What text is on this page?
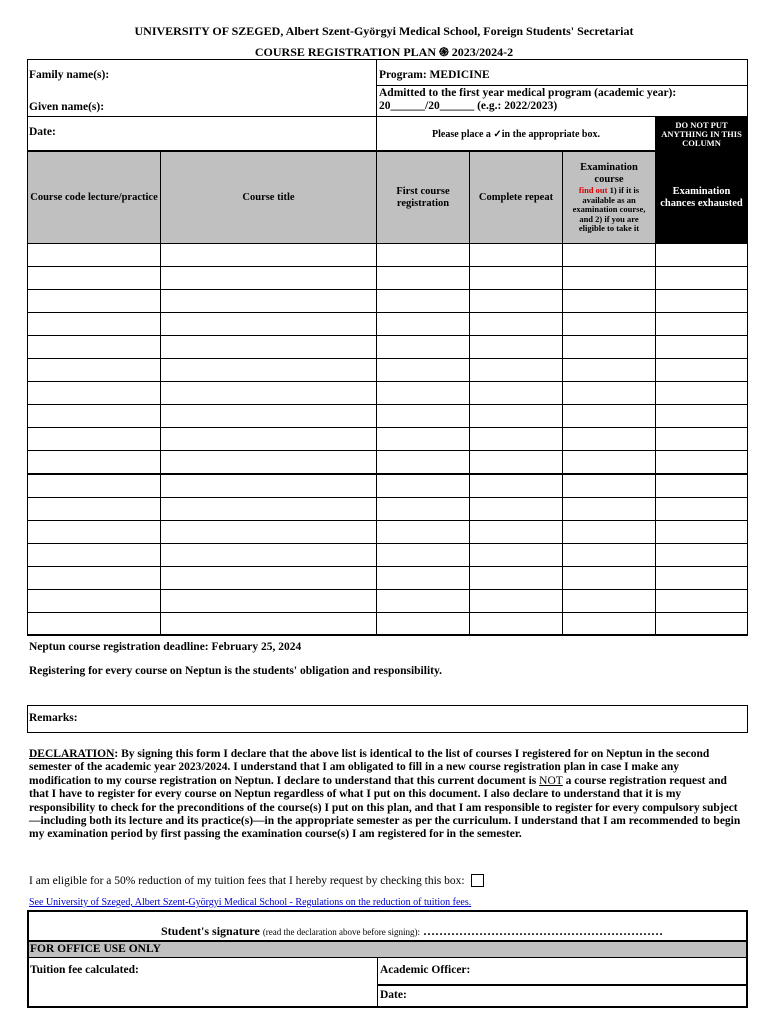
UNIVERSITY OF SZEGED, Albert Szent-Györgyi Medical School, Foreign Students' Secretariat
COURSE REGISTRATION PLAN ֍ 2023/2024-2
Family name(s):
Given name(s):
Date:
Program: MEDICINE
Admitted to the first year medical program (academic year):
20______/20______ (e.g.: 2022/2023)
Please place a ✓in the appropriate box.
DO NOT PUT ANYTHING IN THIS COLUMN
Course code lecture/practice	Course title
First course registration
Complete repeat
Examination course
find out 1) if it is available as an examination course, and 2) if you are eligible to take it
Examination chances exhausted
Neptun course registration deadline: February 25, 2024
Registering for every course on Neptun is the students' obligation and responsibility.
Remarks:
DECLARATION: By signing this form I declare that the above list is identical to the list of courses I registered for on Neptun in the second semester of the academic year 2023/2024. I understand that I am obligated to fill in a new course registration plan in case I make any modification to my course registration on Neptun. I declare to understand that this current document is NOT a course registration request and that I have to register for every course on Neptun regardless of what I put on this document. I also declare to understand that it is my responsibility to check for the preconditions of the course(s) I put on this plan, and that I am responsible to register for every compulsory subject—including both its lecture and its practice(s)—in the appropriate semester as per the curriculum. I understand that I am recommended to begin my examination period by first passing the examination course(s) I am registered for in the semester.
I am eligible for a 50% reduction of my tuition fees that I hereby request by checking this box:
See University of Szeged, Albert Szent-Györgyi Medical School - Regulations on the reduction of tuition fees.
Student's signature (read the declaration above before signing): ……………………………………………………
FOR OFFICE USE ONLY
Tuition fee calculated:	Academic Officer:
Date:
